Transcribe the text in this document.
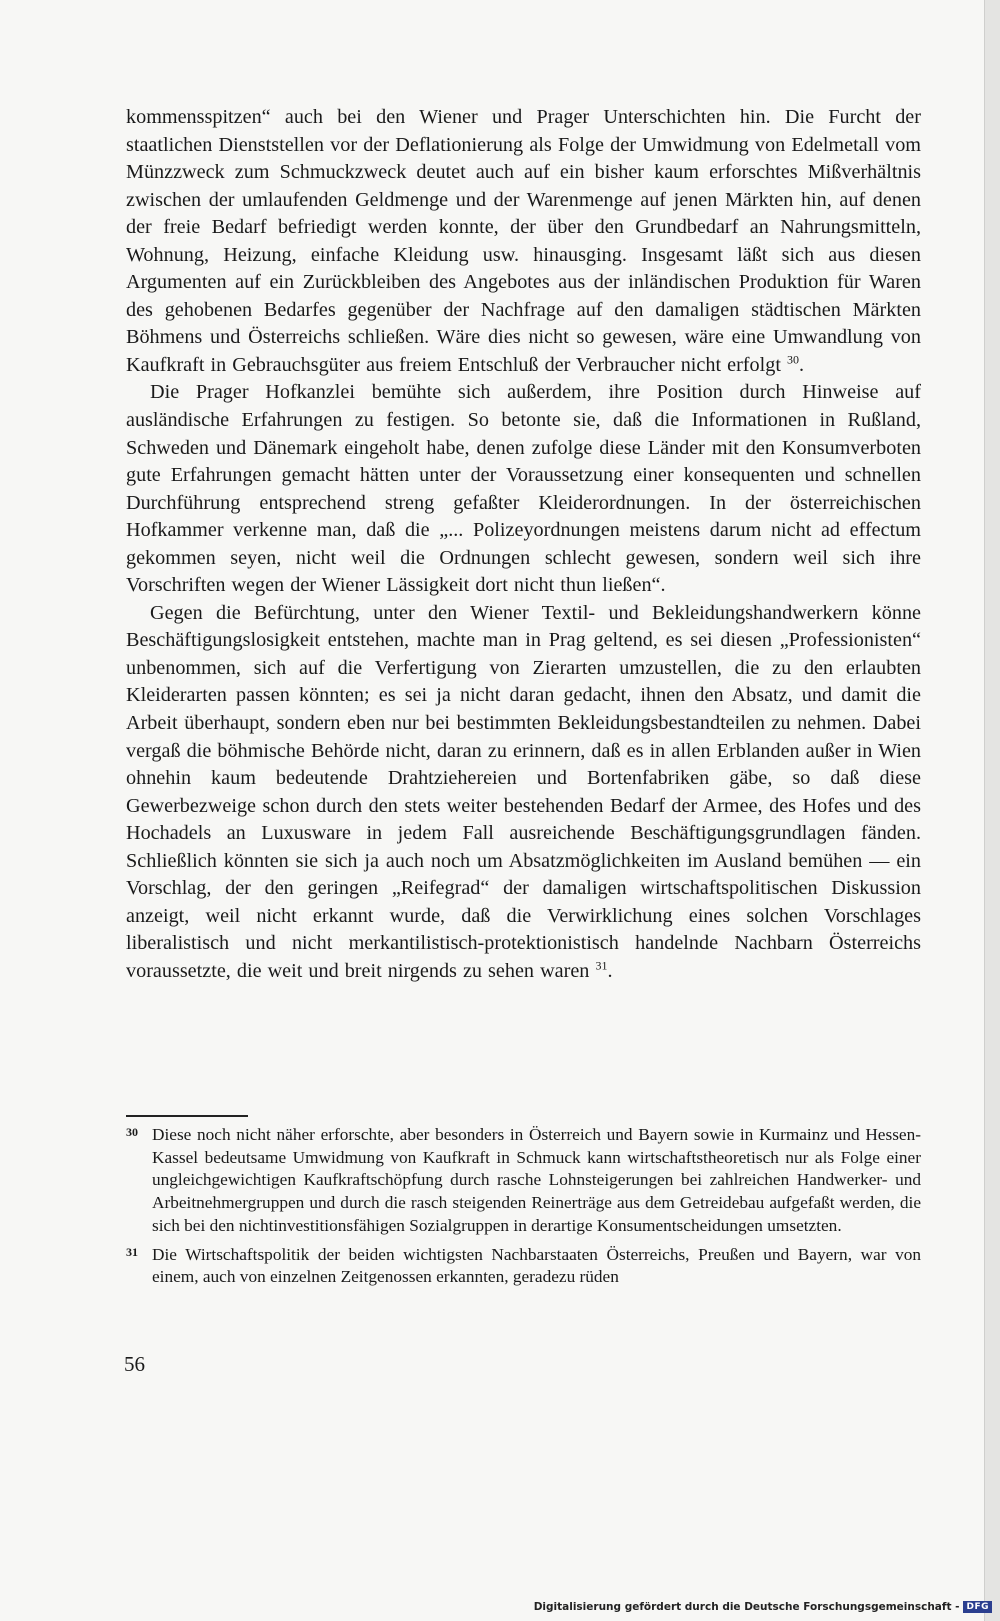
kommensspitzen“ auch bei den Wiener und Prager Unterschichten hin. Die Furcht der staatlichen Dienststellen vor der Deflationierung als Folge der Umwidmung von Edelmetall vom Münzzweck zum Schmuckzweck deutet auch auf ein bisher kaum erforschtes Mißverhältnis zwischen der umlaufenden Geldmenge und der Warenmenge auf jenen Märkten hin, auf denen der freie Bedarf befriedigt werden konnte, der über den Grundbedarf an Nahrungsmitteln, Wohnung, Heizung, einfache Kleidung usw. hinausging. Insgesamt läßt sich aus diesen Argumenten auf ein Zurückbleiben des Angebotes aus der inländischen Produktion für Waren des gehobenen Bedarfes gegenüber der Nachfrage auf den damaligen städtischen Märkten Böhmens und Österreichs schließen. Wäre dies nicht so gewesen, wäre eine Umwandlung von Kaufkraft in Gebrauchsgüter aus freiem Entschluß der Verbraucher nicht erfolgt $^{30}$.

Die Prager Hofkanzlei bemühte sich außerdem, ihre Position durch Hinweise auf ausländische Erfahrungen zu festigen. So betonte sie, daß die Informationen in Rußland, Schweden und Dänemark eingeholt habe, denen zufolge diese Länder mit den Konsumverboten gute Erfahrungen gemacht hätten unter der Voraussetzung einer konsequenten und schnellen Durchführung entsprechend streng gefaßter Kleiderordnungen. In der österreichischen Hofkammer verkenne man, daß die „... Polizeyordnungen meistens darum nicht ad effectum gekommen seyen, nicht weil die Ordnungen schlecht gewesen, sondern weil sich ihre Vorschriften wegen der Wiener Lässigkeit dort nicht thun ließen“.

Gegen die Befürchtung, unter den Wiener Textil- und Bekleidungshandwerkern könne Beschäftigungslosigkeit entstehen, machte man in Prag geltend, es sei diesen „Professionisten“ unbenommen, sich auf die Verfertigung von Zierarten umzustellen, die zu den erlaubten Kleiderarten passen könnten; es sei ja nicht daran gedacht, ihnen den Absatz, und damit die Arbeit überhaupt, sondern eben nur bei bestimmten Bekleidungsbestandteilen zu nehmen. Dabei vergaß die böhmische Behörde nicht, daran zu erinnern, daß es in allen Erblanden außer in Wien ohnehin kaum bedeutende Drahtziehereien und Bortenfabriken gäbe, so daß diese Gewerbezweige schon durch den stets weiter bestehenden Bedarf der Armee, des Hofes und des Hochadels an Luxusware in jedem Fall ausreichende Beschäftigungsgrundlagen fänden. Schließlich könnten sie sich ja auch noch um Absatzmöglichkeiten im Ausland bemühen — ein Vorschlag, der den geringen „Reifegrad“ der damaligen wirtschaftspolitischen Diskussion anzeigt, weil nicht erkannt wurde, daß die Verwirklichung eines solchen Vorschlages liberalistisch und nicht merkantilistisch-protektionistisch handelnde Nachbarn Österreichs voraussetzte, die weit und breit nirgends zu sehen waren $^{31}$.

30 Diese noch nicht näher erforschte, aber besonders in Österreich und Bayern sowie in Kurmainz und Hessen-Kassel bedeutsame Umwidmung von Kaufkraft in Schmuck kann wirtschaftstheoretisch nur als Folge einer ungleichgewichtigen Kaufkraftschöpfung durch rasche Lohnsteigerungen bei zahlreichen Handwerker- und Arbeitnehmergruppen und durch die rasch steigenden Reinerträge aus dem Getreidebau aufgefaßt werden, die sich bei den nichtinvestitionsfähigen Sozialgruppen in derartige Konsumentscheidungen umsetzten.
31 Die Wirtschaftspolitik der beiden wichtigsten Nachbarstaaten Österreichs, Preußen und Bayern, war von einem, auch von einzelnen Zeitgenossen erkannten, geradezu rüden
56
Digitalisierung gefördert durch die Deutsche Forschungsgemeinschaft - DFG
